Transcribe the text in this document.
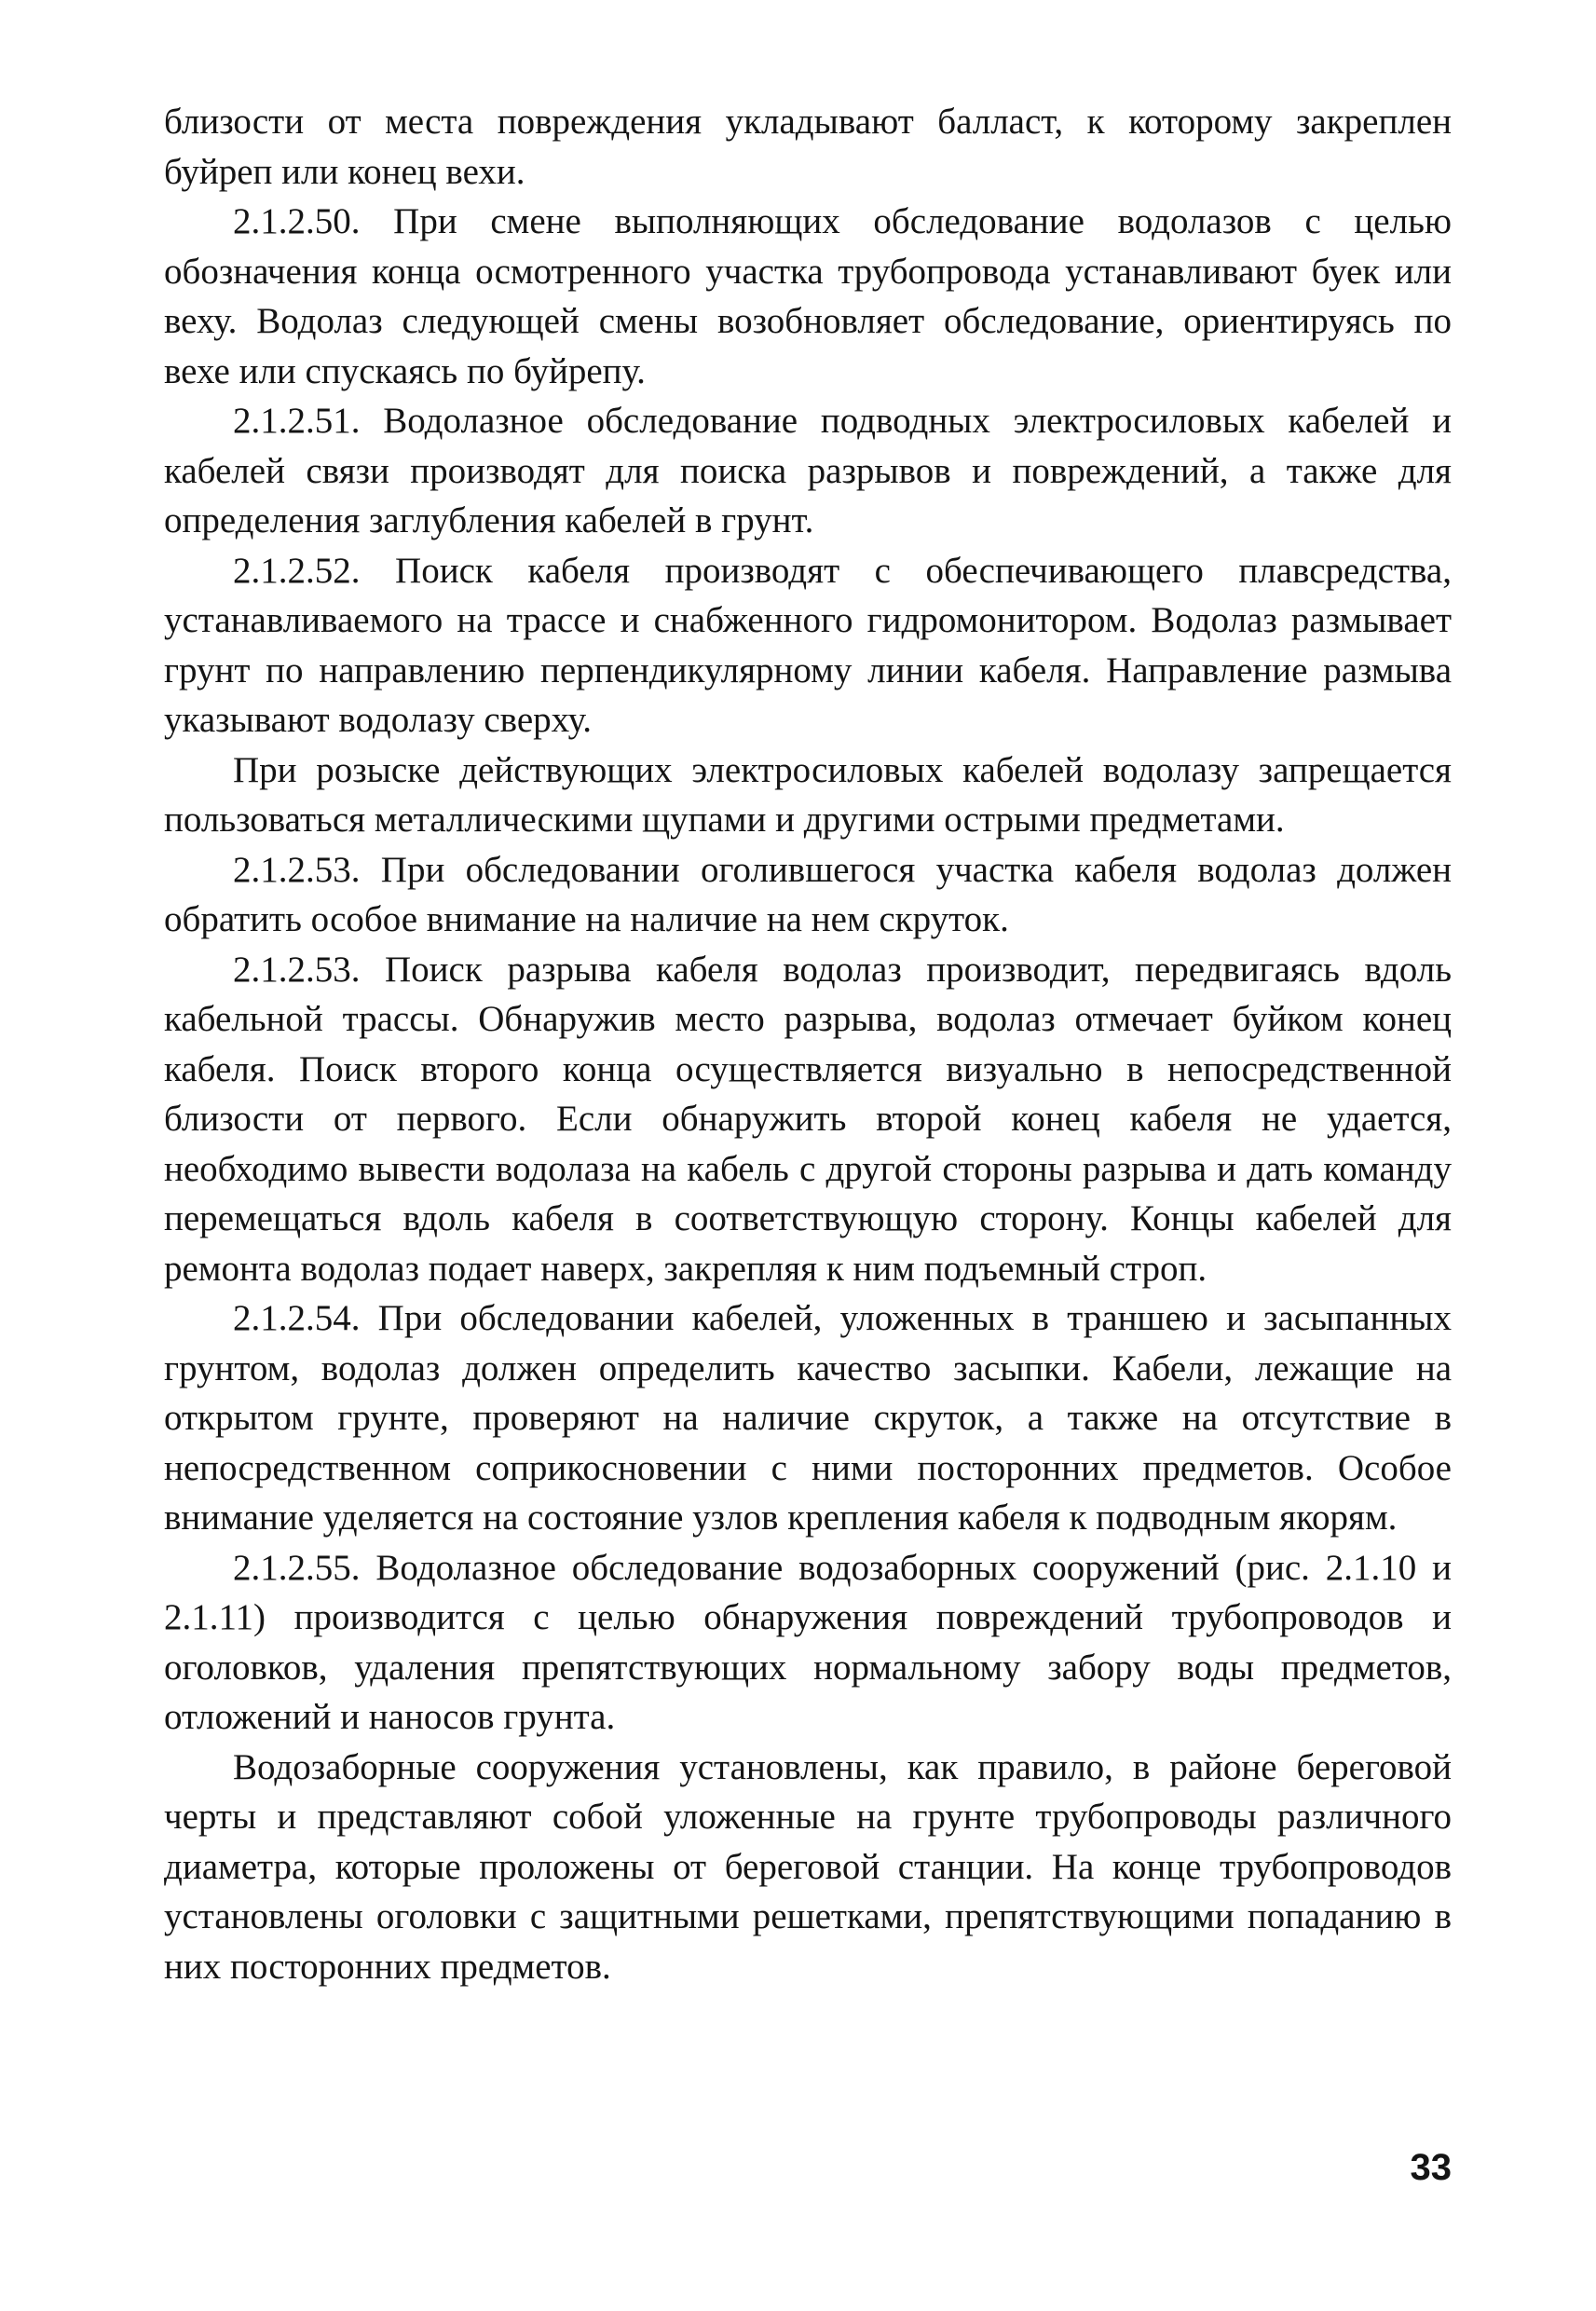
близости от места повреждения укладывают балласт, к которому закреплен буйреп или конец вехи.

2.1.2.50. При смене выполняющих обследование водолазов с целью обозначения конца осмотренного участка трубопровода устанавливают буек или веху. Водолаз следующей смены возобновляет обследование, ориентируясь по вехе или спускаясь по буйрепу.

2.1.2.51. Водолазное обследование подводных электросиловых кабелей и кабелей связи производят для поиска разрывов и повреждений, а также для определения заглубления кабелей в грунт.

2.1.2.52. Поиск кабеля производят с обеспечивающего плавсредства, устанавливаемого на трассе и снабженного гидромонитором. Водолаз размывает грунт по направлению перпендикулярному линии кабеля. Направление размыва указывают водолазу сверху.

При розыске действующих электросиловых кабелей водолазу запрещается пользоваться металлическими щупами и другими острыми предметами.

2.1.2.53. При обследовании оголившегося участка кабеля водолаз должен обратить особое внимание на наличие на нем скруток.

2.1.2.53. Поиск разрыва кабеля водолаз производит, передвигаясь вдоль кабельной трассы. Обнаружив место разрыва, водолаз отмечает буйком конец кабеля. Поиск второго конца осуществляется визуально в непосредственной близости от первого. Если обнаружить второй конец кабеля не удается, необходимо вывести водолаза на кабель с другой стороны разрыва и дать команду перемещаться вдоль кабеля в соответствующую сторону. Концы кабелей для ремонта водолаз подает наверх, закрепляя к ним подъемный строп.

2.1.2.54. При обследовании кабелей, уложенных в траншею и засыпанных грунтом, водолаз должен определить качество засыпки. Кабели, лежащие на открытом грунте, проверяют на наличие скруток, а также на отсутствие в непосредственном соприкосновении с ними посторонних предметов. Особое внимание уделяется на состояние узлов крепления кабеля к подводным якорям.

2.1.2.55. Водолазное обследование водозаборных сооружений (рис. 2.1.10 и 2.1.11) производится с целью обнаружения повреждений трубопроводов и оголовков, удаления препятствующих нормальному забору воды предметов, отложений и наносов грунта.

Водозаборные сооружения установлены, как правило, в районе береговой черты и представляют собой уложенные на грунте трубопроводы различного диаметра, которые проложены от береговой станции. На конце трубопроводов установлены оголовки с защитными решетками, препятствующими попаданию в них посторонних предметов.

33
